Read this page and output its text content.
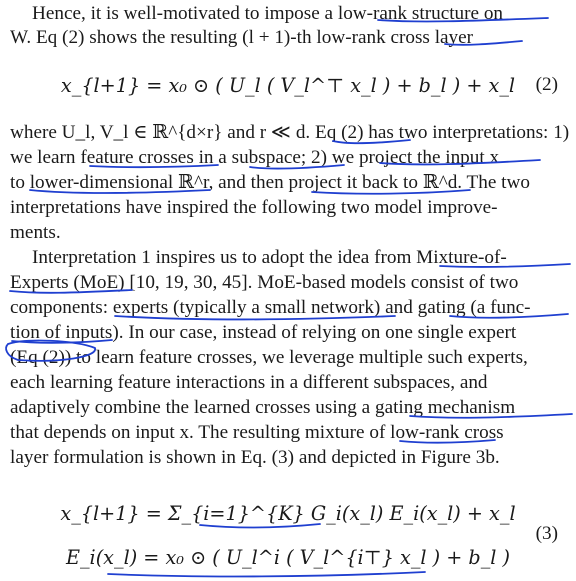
Hence, it is well-motivated to impose a low-rank structure on
W. Eq (2) shows the resulting (l + 1)-th low-rank cross layer
x_{l+1} = x₀ ⊙ ( U_l ( V_l^⊤ x_l ) + b_l ) + x_l	(2)
where U_l, V_l ∈ ℝ^{d×r} and r ≪ d. Eq (2) has two interpretations: 1)
we learn feature crosses in a subspace; 2) we project the input x
to lower-dimensional ℝ^r, and then project it back to ℝ^d. The two
interpretations have inspired the following two model improve-
ments.
Interpretation 1 inspires us to adopt the idea from Mixture-of-
Experts (MoE) [10, 19, 30, 45]. MoE-based models consist of two
components: experts (typically a small network) and gating (a func-
tion of inputs). In our case, instead of relying on one single expert
(Eq (2)) to learn feature crosses, we leverage multiple such experts,
each learning feature interactions in a different subspaces, and
adaptively combine the learned crosses using a gating mechanism
that depends on input x. The resulting mixture of low-rank cross
layer formulation is shown in Eq. (3) and depicted in Figure 3b.
x_{l+1} = Σ_{i=1}^{K} G_i(x_l) E_i(x_l) + x_l
E_i(x_l) = x₀ ⊙ ( U_l^i ( V_l^{i⊤} x_l ) + b_l )
(3)
